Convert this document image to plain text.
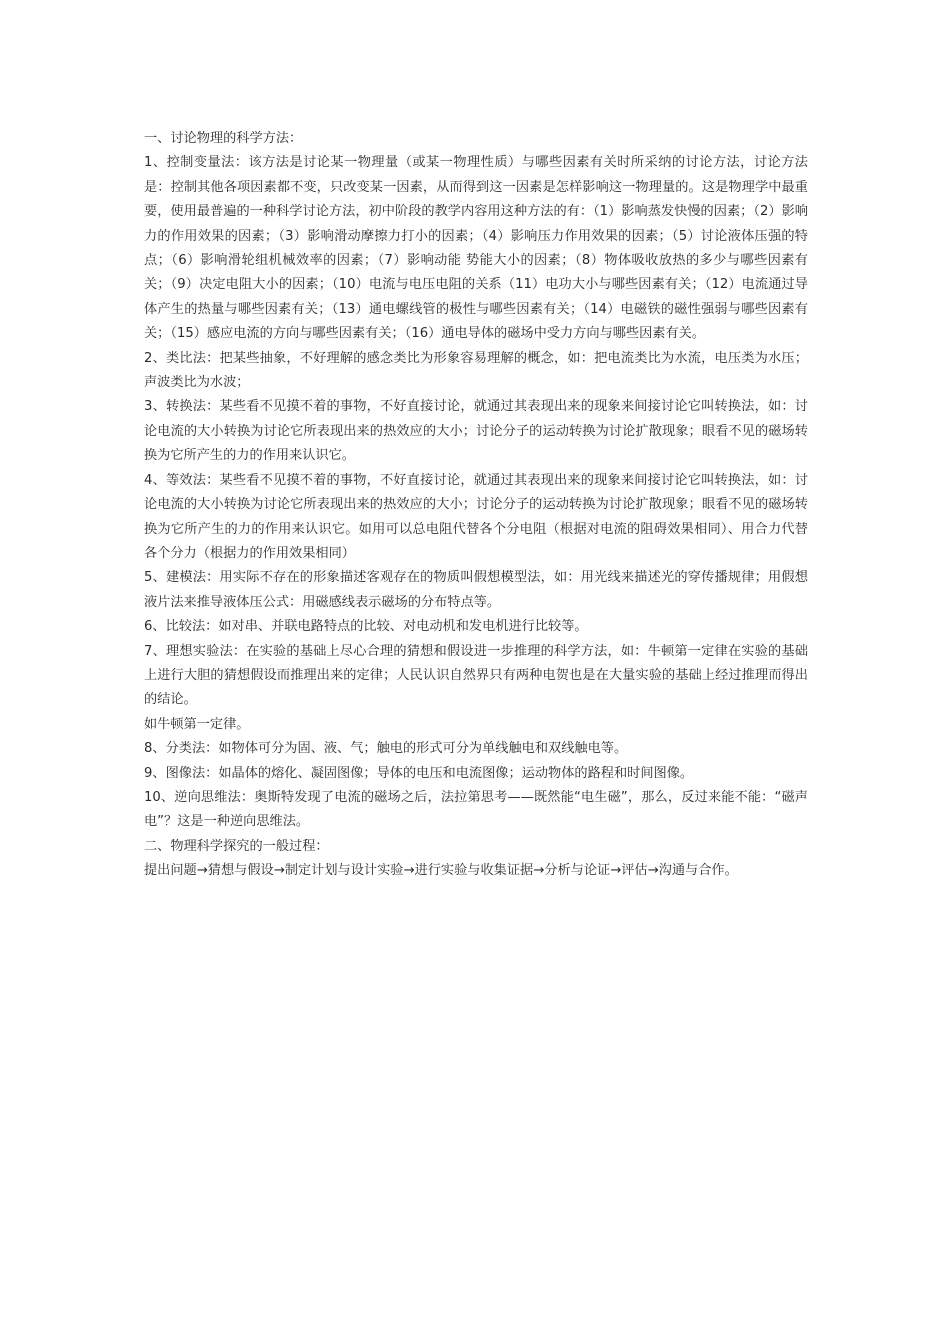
一、讨论物理的科学方法：

1、控制变量法：该方法是讨论某一物理量（或某一物理性质）与哪些因素有关时所采纳的讨论方法，讨论方法是：控制其他各项因素都不变，只改变某一因素，从而得到这一因素是怎样影响这一物理量的。这是物理学中最重要，使用最普遍的一种科学讨论方法，初中阶段的教学内容用这种方法的有：（1）影响蒸发快慢的因素；（2）影响力的作用效果的因素；（3）影响滑动摩擦力打小的因素；（4）影响压力作用效果的因素；（5）讨论液体压强的特点；（6）影响滑轮组机械效率的因素；（7）影响动能 势能大小的因素；（8）物体吸收放热的多少与哪些因素有关；（9）决定电阻大小的因素；（10）电流与电压电阻的关系（11）电功大小与哪些因素有关；（12）电流通过导体产生的热量与哪些因素有关；（13）通电螺线管的极性与哪些因素有关；（14）电磁铁的磁性强弱与哪些因素有关；（15）感应电流的方向与哪些因素有关；（16）通电导体的磁场中受力方向与哪些因素有关。

2、类比法：把某些抽象，不好理解的感念类比为形象容易理解的概念，如：把电流类比为水流，电压类为水压；声波类比为水波；

3、转换法：某些看不见摸不着的事物，不好直接讨论，就通过其表现出来的现象来间接讨论它叫转换法，如：讨论电流的大小转换为讨论它所表现出来的热效应的大小；讨论分子的运动转换为讨论扩散现象；眼看不见的磁场转换为它所产生的力的作用来认识它。

4、等效法：某些看不见摸不着的事物，不好直接讨论，就通过其表现出来的现象来间接讨论它叫转换法，如：讨论电流的大小转换为讨论它所表现出来的热效应的大小；讨论分子的运动转换为讨论扩散现象；眼看不见的磁场转换为它所产生的力的作用来认识它。如用可以总电阻代替各个分电阻（根据对电流的阻碍效果相同）、用合力代替各个分力（根据力的作用效果相同）

5、建模法：用实际不存在的形象描述客观存在的物质叫假想模型法，如：用光线来描述光的穿传播规律；用假想液片法来推导液体压公式：用磁感线表示磁场的分布特点等。

6、比较法：如对串、并联电路特点的比较、对电动机和发电机进行比较等。

7、理想实验法：在实验的基础上尽心合理的猜想和假设进一步推理的科学方法，如：牛顿第一定律在实验的基础上进行大胆的猜想假设而推理出来的定律；人民认识自然界只有两种电贺也是在大量实验的基础上经过推理而得出的结论。

如牛顿第一定律。

8、分类法：如物体可分为固、液、气；触电的形式可分为单线触电和双线触电等。

9、图像法：如晶体的熔化、凝固图像；导体的电压和电流图像；运动物体的路程和时间图像。

10、逆向思维法：奥斯特发现了电流的磁场之后，法拉第思考——既然能“电生磁”，那么，反过来能不能：“磁声电”？这是一种逆向思维法。

二、物理科学探究的一般过程：

提出问题→猜想与假设→制定计划与设计实验→进行实验与收集证据→分析与论证→评估→沟通与合作。
